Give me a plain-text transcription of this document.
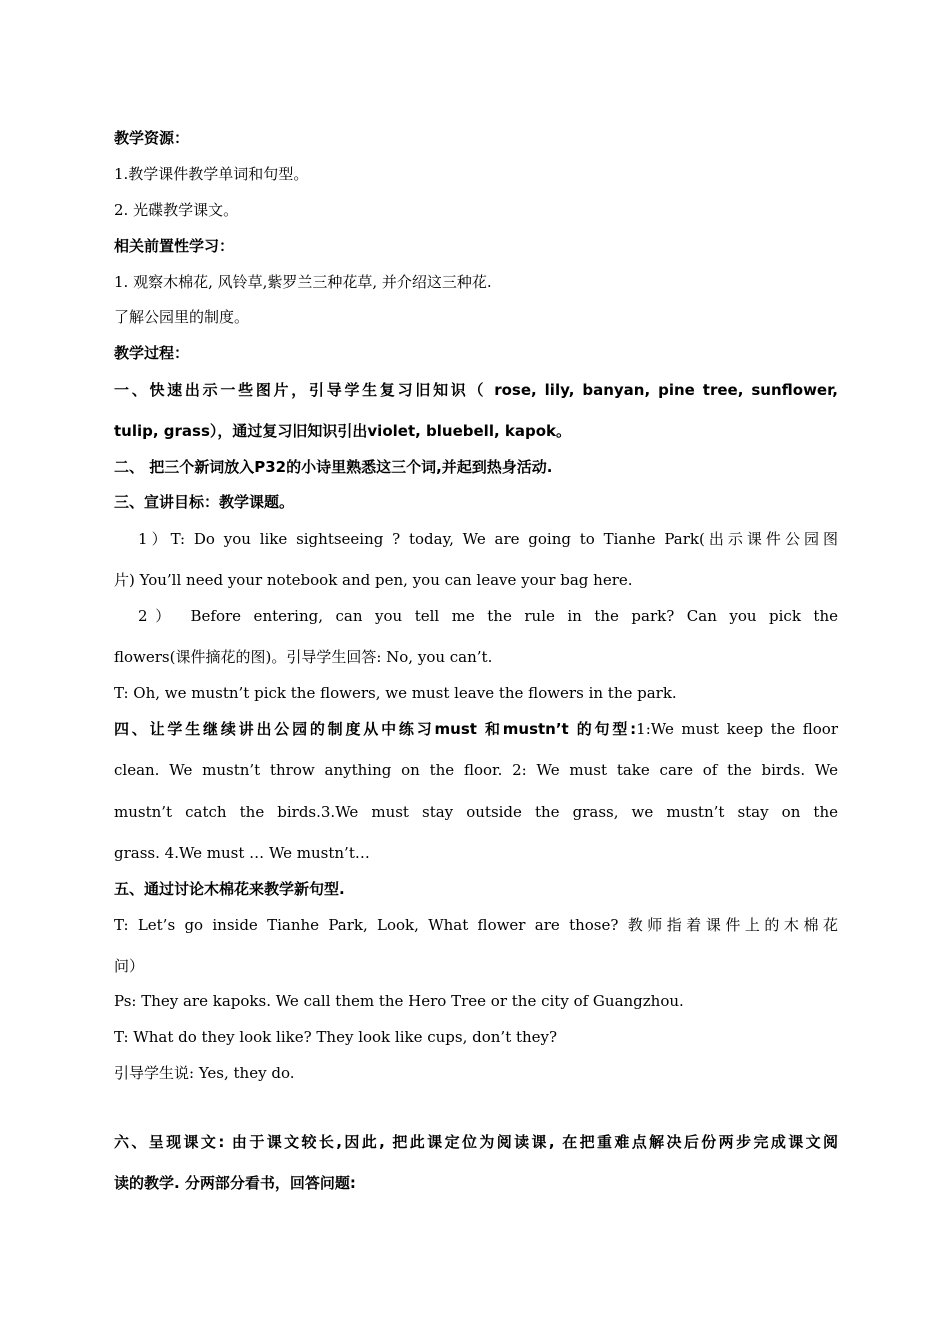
教学资源：
1.教学课件教学单词和句型。
2. 光碟教学课文。
相关前置性学习：
1. 观察木棉花, 风铃草,紫罗兰三种花草, 并介绍这三种花.
了解公园里的制度。
教学过程：
一、快速出示一些图片，引导学生复习旧知识（ rose, lily, banyan, pine tree, sunflower,
tulip, grass），通过复习旧知识引出violet, bluebell, kapok。
二、 把三个新词放入P32的小诗里熟悉这三个词,并起到热身活动.
三、宣讲目标：教学课题。
1）T: Do you like sightseeing ? today, We are going to Tianhe Park(出示课件公园图
片) You’ll need your notebook and pen, you can leave your bag here.
2） Before entering, can you tell me the rule in the park? Can you pick the
flowers(课件摘花的图)。引导学生回答: No, you can’t.
T: Oh, we mustn’t pick the flowers, we must leave the flowers in the park.
四、让学生继续讲出公园的制度从中练习must 和mustn’t 的句型:1:We must keep the floor
clean. We mustn’t throw anything on the floor. 2: We must take care of the birds. We
mustn’t catch the birds.3.We must stay outside the grass, we mustn’t stay on the
grass. 4.We must … We mustn’t…
五、通过讨论木棉花来教学新句型.
T: Let’s go inside Tianhe Park, Look, What flower are those? 教师指着课件上的木棉花
问）
Ps: They are kapoks. We call them the Hero Tree or the city of Guangzhou.
T: What do they look like? They look like cups, don’t they?
引导学生说: Yes, they do.
六、呈现课文: 由于课文较长,因此, 把此课定位为阅读课, 在把重难点解决后份两步完成课文阅
读的教学. 分两部分看书，回答问题:
